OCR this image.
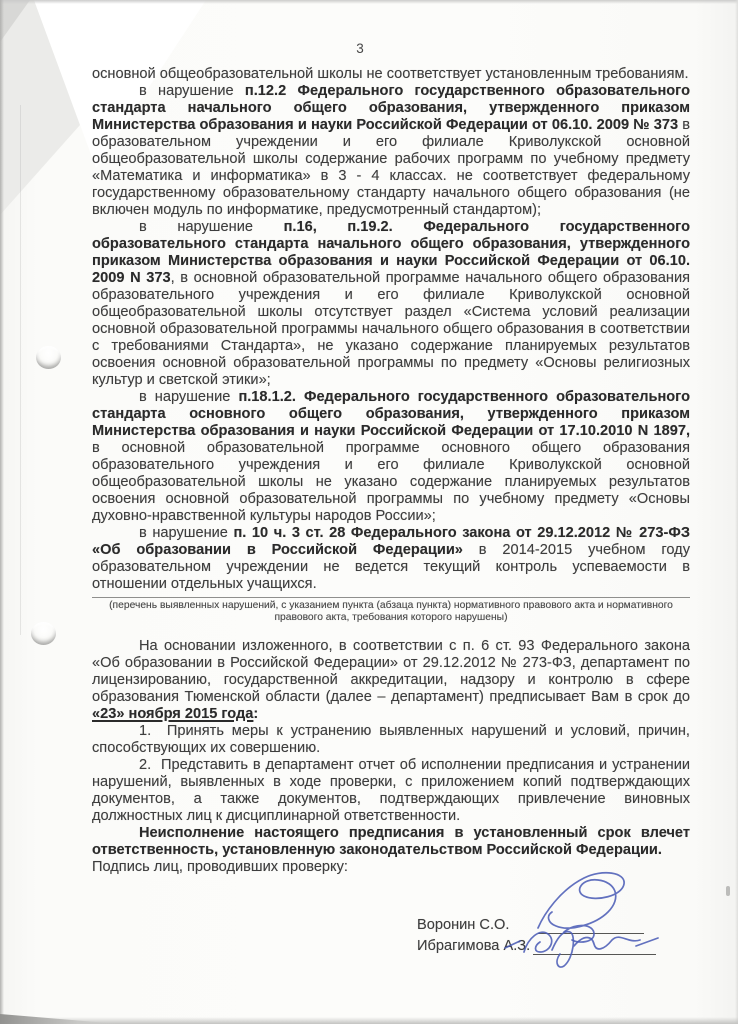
3

основной общеобразовательной школы не соответствует установленным требованиям.

в нарушение п.12.2 Федерального государственного образовательного стандарта начального общего образования, утвержденного приказом Министерства образования и науки Российской Федерации от 06.10. 2009 № 373 в образовательном учреждении и его филиале Криволукской основной общеобразовательной школы содержание рабочих программ по учебному предмету «Математика и информатика» в 3 - 4 классах. не соответствует федеральному государственному образовательному стандарту начального общего образования (не включен модуль по информатике, предусмотренный стандартом);

в нарушение п.16, п.19.2. Федерального государственного образовательного стандарта начального общего образования, утвержденного приказом Министерства образования и науки Российской Федерации от 06.10. 2009 N 373, в основной образовательной программе начального общего образования образовательного учреждения и его филиале Криволукской основной общеобразовательной школы отсутствует раздел «Система условий реализации основной образовательной программы начального общего образования в соответствии с требованиями Стандарта», не указано содержание планируемых результатов освоения основной образовательной программы по предмету «Основы религиозных культур и светской этики»;

в нарушение п.18.1.2. Федерального государственного образовательного стандарта основного общего образования, утвержденного приказом Министерства образования и науки Российской Федерации от 17.10.2010 N 1897, в основной образовательной программе основного общего образования образовательного учреждения и его филиале Криволукской основной общеобразовательной школы не указано содержание планируемых результатов освоения основной образовательной программы по учебному предмету «Основы духовно-нравственной культуры народов России»;

в нарушение п. 10 ч. 3 ст. 28 Федерального закона от 29.12.2012 № 273-ФЗ «Об образовании в Российской Федерации» в 2014-2015 учебном году образовательном учреждении не ведется текущий контроль успеваемости в отношении отдельных учащихся.

(перечень выявленных нарушений, с указанием пункта (абзаца пункта) нормативного правового акта и нормативного правового акта, требования которого нарушены)

На основании изложенного, в соответствии с п. 6 ст. 93 Федерального закона «Об образовании в Российской Федерации» от 29.12.2012 № 273-ФЗ, департамент по лицензированию, государственной аккредитации, надзору и контролю в сфере образования Тюменской области (далее – департамент) предписывает Вам в срок до «23» ноября 2015 года:

1.  Принять меры к устранению выявленных нарушений и условий, причин, способствующих их совершению.

2.  Представить в департамент отчет об исполнении предписания и устранении нарушений, выявленных в ходе проверки, с приложением копий подтверждающих документов, а также документов, подтверждающих привлечение виновных должностных лиц к дисциплинарной ответственности.

Неисполнение настоящего предписания в установленный срок влечет ответственность, установленную законодательством Российской Федерации.

Подпись лиц, проводивших проверку:

Воронин С.О.
Ибрагимова А.З.
